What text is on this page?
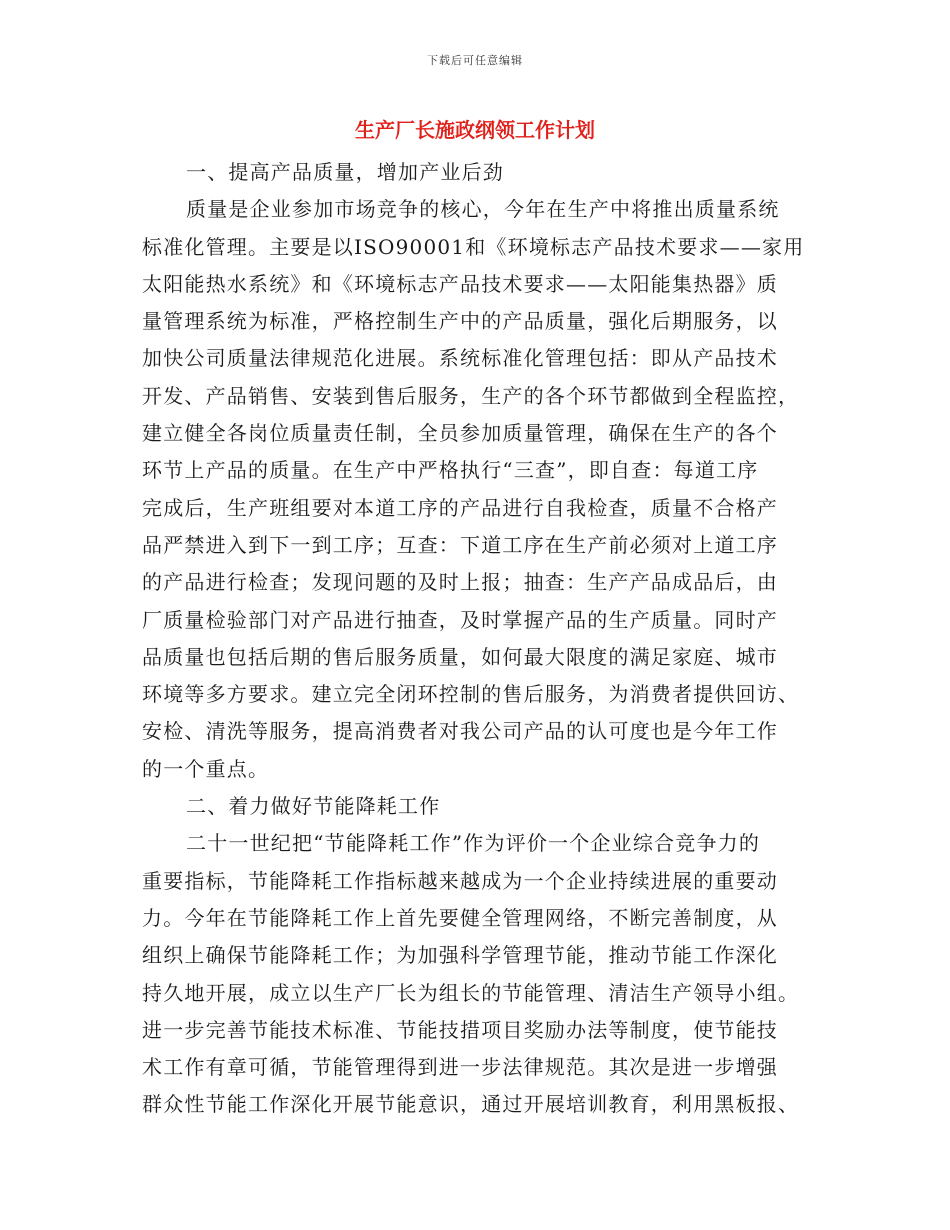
下载后可任意编辑
生产厂长施政纲领工作计划
一、提高产品质量，增加产业后劲
质量是企业参加市场竞争的核心，今年在生产中将推出质量系统
标准化管理。主要是以ISO90001和《环境标志产品技术要求——家用
太阳能热水系统》和《环境标志产品技术要求——太阳能集热器》质
量管理系统为标准，严格控制生产中的产品质量，强化后期服务，以
加快公司质量法律规范化进展。系统标准化管理包括：即从产品技术
开发、产品销售、安装到售后服务，生产的各个环节都做到全程监控，
建立健全各岗位质量责任制，全员参加质量管理，确保在生产的各个
环节上产品的质量。在生产中严格执行“三查”，即自查：每道工序
完成后，生产班组要对本道工序的产品进行自我检查，质量不合格产
品严禁进入到下一到工序；互查：下道工序在生产前必须对上道工序
的产品进行检查；发现问题的及时上报；抽查：生产产品成品后，由
厂质量检验部门对产品进行抽查，及时掌握产品的生产质量。同时产
品质量也包括后期的售后服务质量，如何最大限度的满足家庭、城市
环境等多方要求。建立完全闭环控制的售后服务，为消费者提供回访、
安检、清洗等服务，提高消费者对我公司产品的认可度也是今年工作
的一个重点。
二、着力做好节能降耗工作
二十一世纪把“节能降耗工作”作为评价一个企业综合竞争力的
重要指标，节能降耗工作指标越来越成为一个企业持续进展的重要动
力。今年在节能降耗工作上首先要健全管理网络，不断完善制度，从
组织上确保节能降耗工作；为加强科学管理节能，推动节能工作深化
持久地开展，成立以生产厂长为组长的节能管理、清洁生产领导小组。
进一步完善节能技术标准、节能技措项目奖励办法等制度，使节能技
术工作有章可循，节能管理得到进一步法律规范。其次是进一步增强
群众性节能工作深化开展节能意识，通过开展培训教育，利用黑板报、
